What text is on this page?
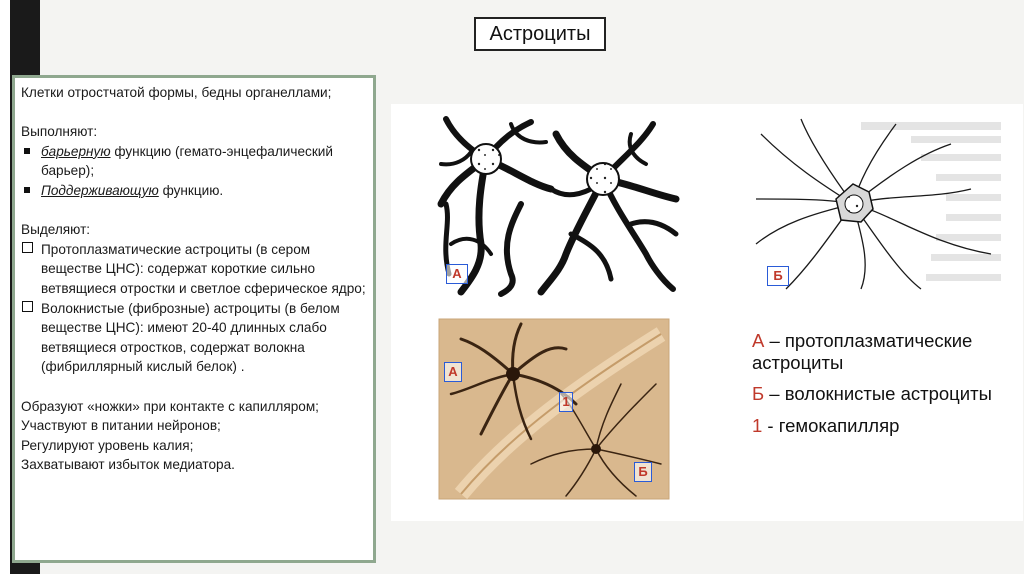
Астроциты

Клетки отростчатой формы, бедны органеллами;

Выполняют:

барьерную функцию (гемато-энцефалический барьер);
Поддерживающую функцию.

Выделяют:

Протоплазматические астроциты (в сером веществе ЦНС): содержат короткие сильно ветвящиеся отростки и светлое сферическое ядро;
Волокнистые (фиброзные) астроциты (в белом веществе ЦНС): имеют 20-40 длинных слабо ветвящиеся отростков, содержат волокна (фибриллярный кислый белок) .

Образуют «ножки» при контакте с капилляром;

Участвуют в питании нейронов;

Регулируют уровень калия;

Захватывают избыток медиатора.

А	Б
А
1
Б
А – протоплазматические астроциты
Б – волокнистые астроциты
1 - гемокапилляр
